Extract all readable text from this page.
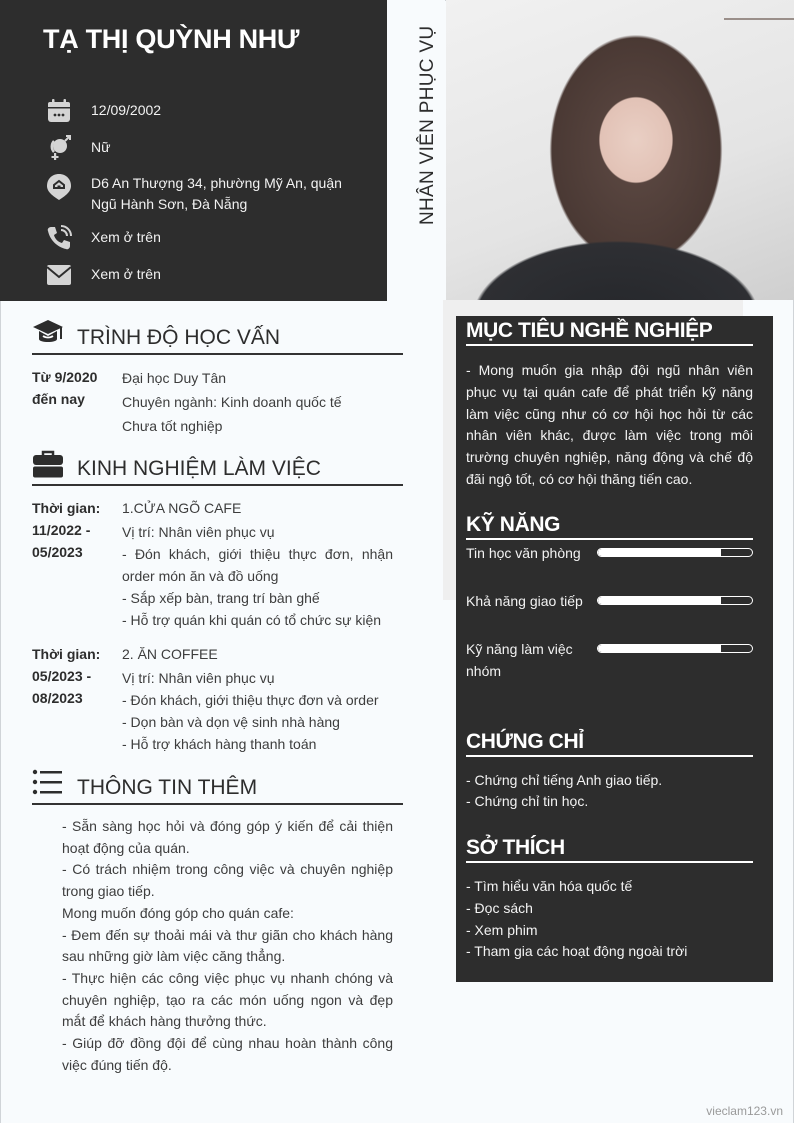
TẠ THỊ QUỲNH NHƯ
12/09/2002
Nữ
D6 An Thượng 34, phường Mỹ An, quận Ngũ Hành Sơn, Đà Nẵng
Xem ở trên
Xem ở trên
NHÂN VIÊN PHỤC VỤ
TRÌNH ĐỘ HỌC VẤN
Từ 9/2020
đến nay
Đại học Duy Tân
Chuyên ngành: Kinh doanh quốc tế
Chưa tốt nghiệp
KINH NGHIỆM LÀM VIỆC
Thời gian:
11/2022 -
05/2023
1.CỬA NGÕ CAFE
Vị trí: Nhân viên phục vụ
- Đón khách, giới thiệu thực đơn, nhận order món ăn và đồ uống
- Sắp xếp bàn, trang trí bàn ghế
- Hỗ trợ quán khi quán có tổ chức sự kiện
Thời gian:
05/2023 -
08/2023
2. ĂN COFFEE
Vị trí: Nhân viên phục vụ
- Đón khách, giới thiệu thực đơn và order
- Dọn bàn và dọn vệ sinh nhà hàng
- Hỗ trợ khách hàng thanh toán
THÔNG TIN THÊM
- Sẵn sàng học hỏi và đóng góp ý kiến để cải thiện hoạt động của quán.
- Có trách nhiệm trong công việc và chuyên nghiệp trong giao tiếp.
Mong muốn đóng góp cho quán cafe:
- Đem đến sự thoải mái và thư giãn cho khách hàng sau những giờ làm việc căng thẳng.
- Thực hiện các công việc phục vụ nhanh chóng và chuyên nghiệp, tạo ra các món uống ngon và đẹp mắt để khách hàng thưởng thức.
- Giúp đỡ đồng đội để cùng nhau hoàn thành công việc đúng tiến độ.
MỤC TIÊU NGHỀ NGHIỆP
- Mong muốn gia nhập đội ngũ nhân viên phục vụ tại quán cafe để phát triển kỹ năng làm việc cũng như có cơ hội học hỏi từ các nhân viên khác, được làm việc trong môi trường chuyên nghiệp, năng động và chế độ đãi ngộ tốt, có cơ hội thăng tiến cao.
KỸ NĂNG
Tin học văn phòng
Khả năng giao tiếp
Kỹ năng làm việc nhóm
CHỨNG CHỈ
- Chứng chỉ tiếng Anh giao tiếp.
- Chứng chỉ tin học.
SỞ THÍCH
- Tìm hiểu văn hóa quốc tế
- Đọc sách
- Xem phim
- Tham gia các hoạt động ngoài trời
vieclam123.vn
